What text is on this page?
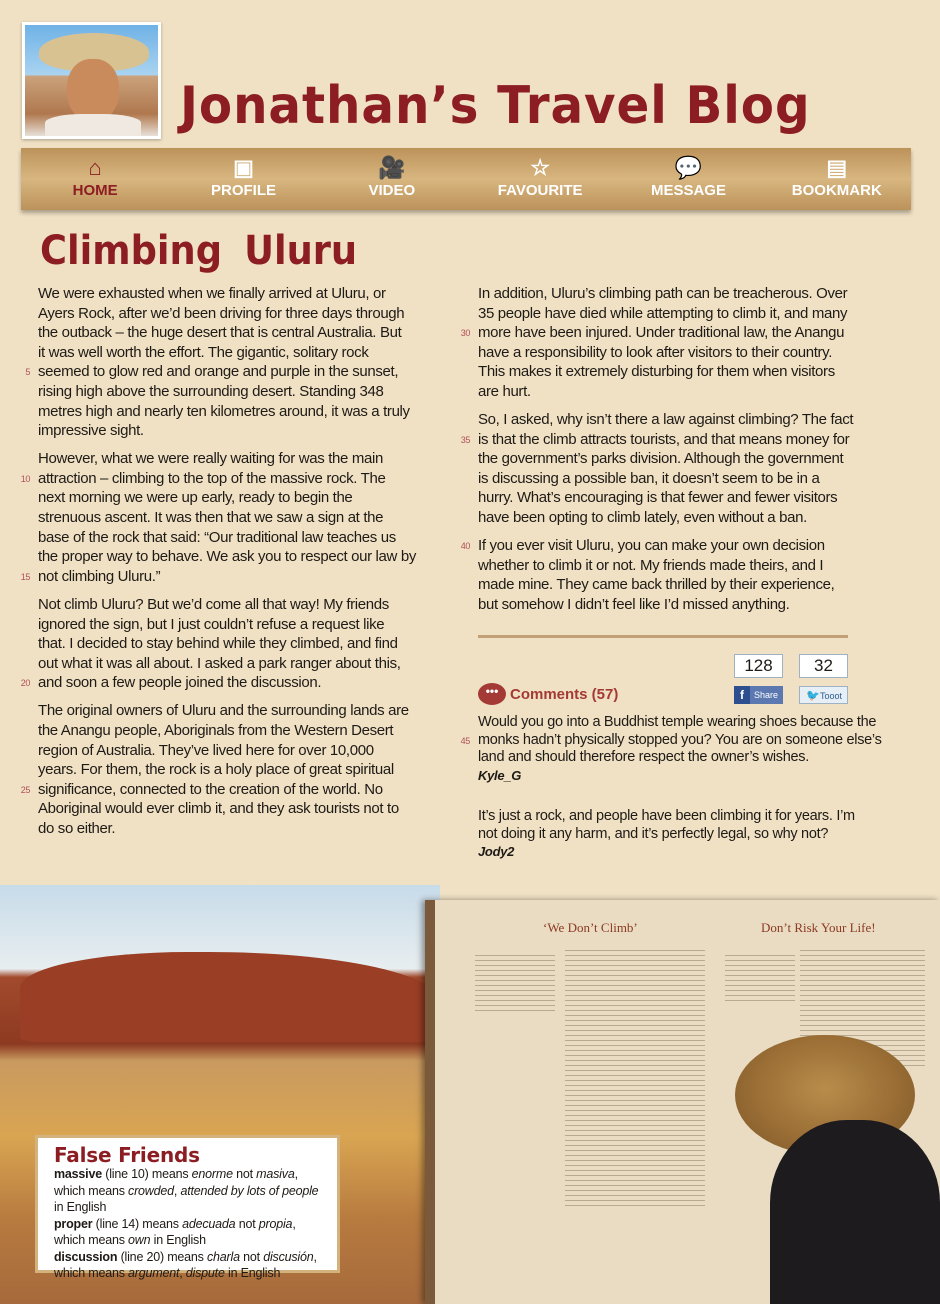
Jonathan’s Travel Blog
⌂
HOME
▣
PROFILE
🎥
VIDEO
☆
FAVOURITE
💬
MESSAGE
▤
BOOKMARK
Climbing Uluru
We were exhausted when we finally arrived at Uluru, or
Ayers Rock, after we’d been driving for three days through
the outback – the huge desert that is central Australia. But
it was well worth the effort. The gigantic, solitary rock
5 seemed to glow red and orange and purple in the sunset,
rising high above the surrounding desert. Standing 348
metres high and nearly ten kilometres around, it was a truly
impressive sight.
However, what we were really waiting for was the main
10 attraction – climbing to the top of the massive rock. The
next morning we were up early, ready to begin the
strenuous ascent. It was then that we saw a sign at the
base of the rock that said: “Our traditional law teaches us
the proper way to behave. We ask you to respect our law by
15 not climbing Uluru.”
Not climb Uluru? But we’d come all that way! My friends
ignored the sign, but I just couldn’t refuse a request like
that. I decided to stay behind while they climbed, and find
out what it was all about. I asked a park ranger about this,
20 and soon a few people joined the discussion.
The original owners of Uluru and the surrounding lands are
the Anangu people, Aboriginals from the Western Desert
region of Australia. They’ve lived here for over 10,000
years. For them, the rock is a holy place of great spiritual
25 significance, connected to the creation of the world. No
Aboriginal would ever climb it, and they ask tourists not to
do so either.
In addition, Uluru’s climbing path can be treacherous. Over
35 people have died while attempting to climb it, and many
30 more have been injured. Under traditional law, the Anangu
have a responsibility to look after visitors to their country.
This makes it extremely disturbing for them when visitors
are hurt.
So, I asked, why isn’t there a law against climbing? The fact
35 is that the climb attracts tourists, and that means money for
the government’s parks division. Although the government
is discussing a possible ban, it doesn’t seem to be in a
hurry. What’s encouraging is that fewer and fewer visitors
have been opting to climb lately, even without a ban.
40 If you ever visit Uluru, you can make your own decision
whether to climb it or not. My friends made theirs, and I
made mine. They came back thrilled by their experience,
but somehow I didn’t feel like I’d missed anything.
••• Comments (57)
128	32
f	Share	🐦 Tooot
Would you go into a Buddhist temple wearing shoes because the
45 monks hadn’t physically stopped you? You are on someone else’s
land and should therefore respect the owner’s wishes.
Kyle_G
It’s just a rock, and people have been climbing it for years. I’m
not doing it any harm, and it’s perfectly legal, so why not?
Jody2
‘We Don’t Climb’	Don’t Risk Your Life!
False Friends
massive (line 10) means enorme not masiva, which means crowded, attended by lots of people in English
proper (line 14) means adecuada not propia, which means own in English
discussion (line 20) means charla not discusión, which means argument, dispute in English
